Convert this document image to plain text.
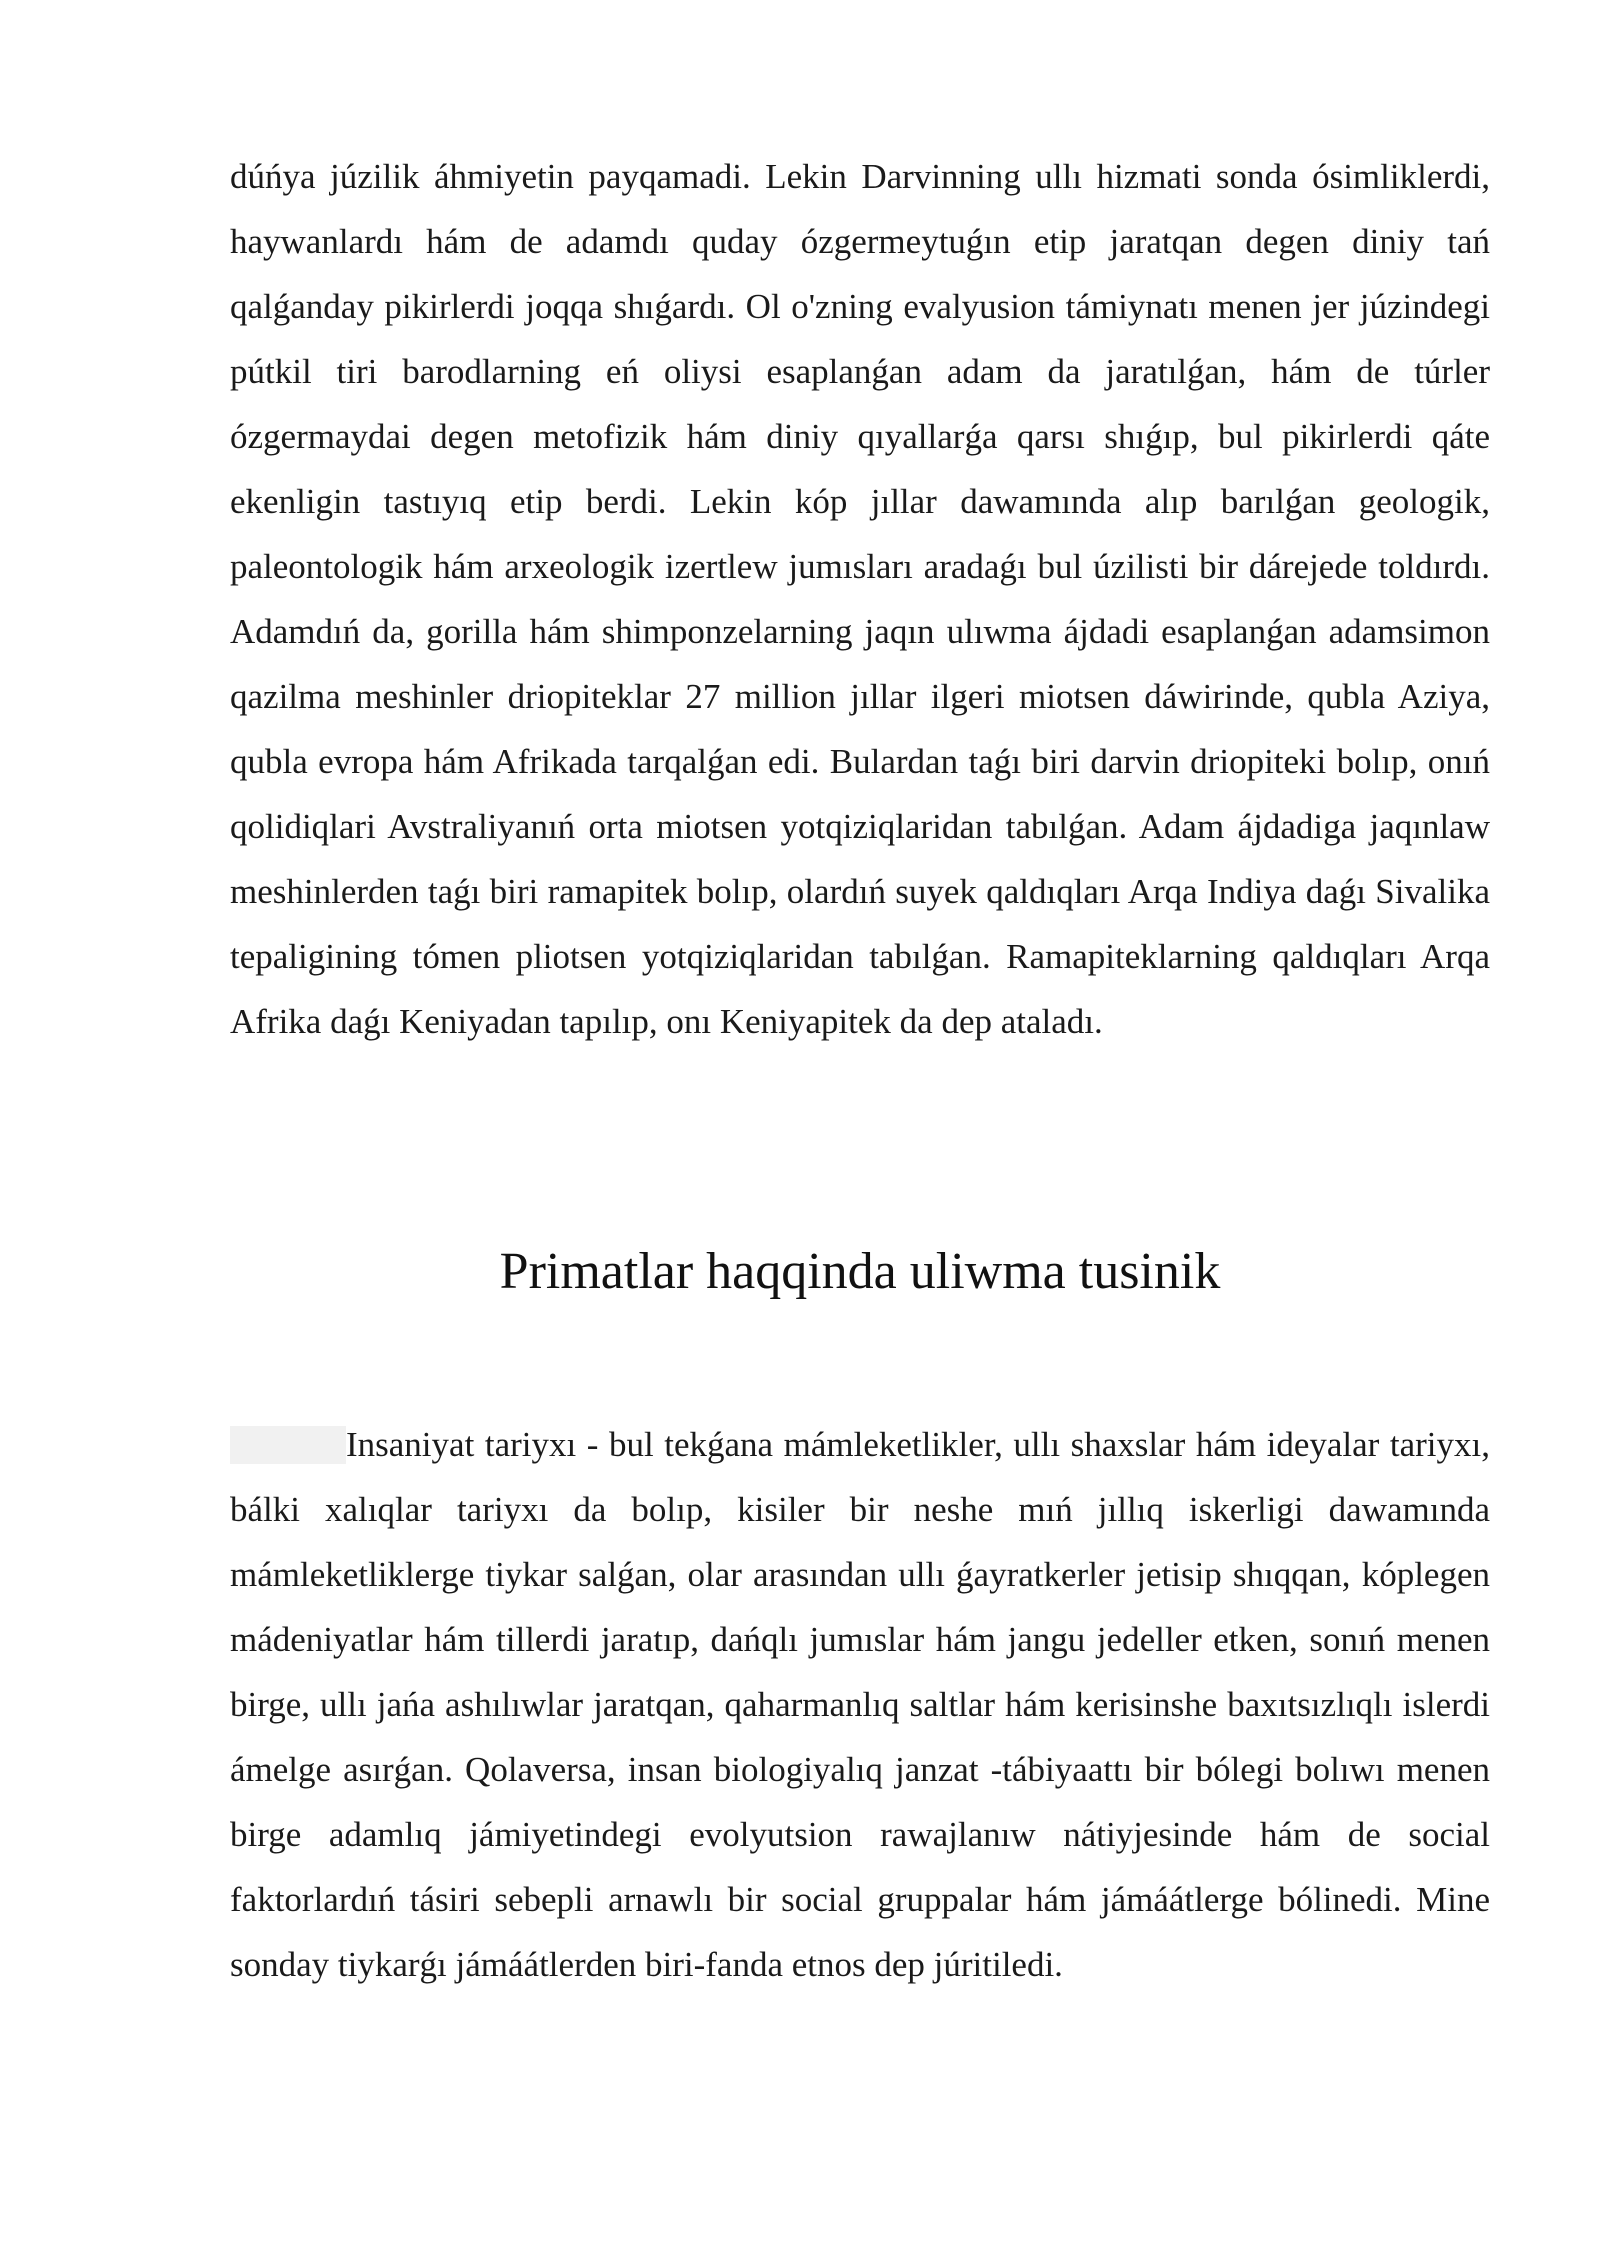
dúńya júzilik áhmiyetin payqamadi. Lekin Darvinning ullı hizmati sonda ósimliklerdi, haywanlardı hám de adamdı quday ózgermeytuǵın etip jaratqan degen diniy tań qalǵanday pikirlerdi joqqa shıǵardı. Ol o'zning evalyusion támiynatı menen jer júzindegi pútkil tiri barodlarning eń oliysi esaplanǵan adam da jaratılǵan, hám de túrler ózgermaydai degen metofizik hám diniy qıyallarǵa qarsı shıǵıp, bul pikirlerdi qáte ekenligin tastıyıq etip berdi. Lekin kóp jıllar dawamında alıp barılǵan geologik, paleontologik hám arxeologik izertlew jumısları aradaǵı bul úzilisti bir dárejede toldırdı. Adamdıń da, gorilla hám shimponzelarning jaqın ulıwma ájdadi esaplanǵan adamsimon qazilma meshinler driopiteklar 27 million jıllar ilgeri miotsen dáwirinde, qubla Aziya, qubla evropa hám Afrikada tarqalǵan edi. Bulardan taǵı biri darvin driopiteki bolıp, onıń qolidiqlari Avstraliyanıń orta miotsen yotqiziqlaridan tabılǵan. Adam ájdadiga jaqınlaw meshinlerden taǵı biri ramapitek bolıp, olardıń suyek qaldıqları Arqa Indiya daǵı Sivalika tepaligining tómen pliotsen yotqiziqlaridan tabılǵan. Ramapiteklarning qaldıqları Arqa Afrika daǵı Keniyadan tapılıp, onı Keniyapitek da dep ataladı.

Primatlar haqqinda uliwma tusinik

Insaniyat tariyxı - bul tekǵana mámleketlikler, ullı shaxslar hám ideyalar tariyxı, bálki xalıqlar tariyxı da bolıp, kisiler bir neshe mıń jıllıq iskerligi dawamında mámleketliklerge tiykar salǵan, olar arasından ullı ǵayratkerler jetisip shıqqan, kóplegen mádeniyatlar hám tillerdi jaratıp, dańqlı jumıslar hám jangu jedeller etken, sonıń menen birge, ullı jańa ashılıwlar jaratqan, qaharmanlıq saltlar hám kerisinshe baxıtsızlıqlı islerdi ámelge asırǵan. Qolaversa, insan biologiyalıq janzat -tábiyaattı bir bólegi bolıwı menen birge adamlıq jámiyetindegi evolyutsion rawajlanıw nátiyjesinde hám de social faktorlardıń tásiri sebepli arnawlı bir social gruppalar hám jámáátlerge bólinedi. Mine sonday tiykarǵı jámáátlerden biri-fanda etnos dep júritiledi.
